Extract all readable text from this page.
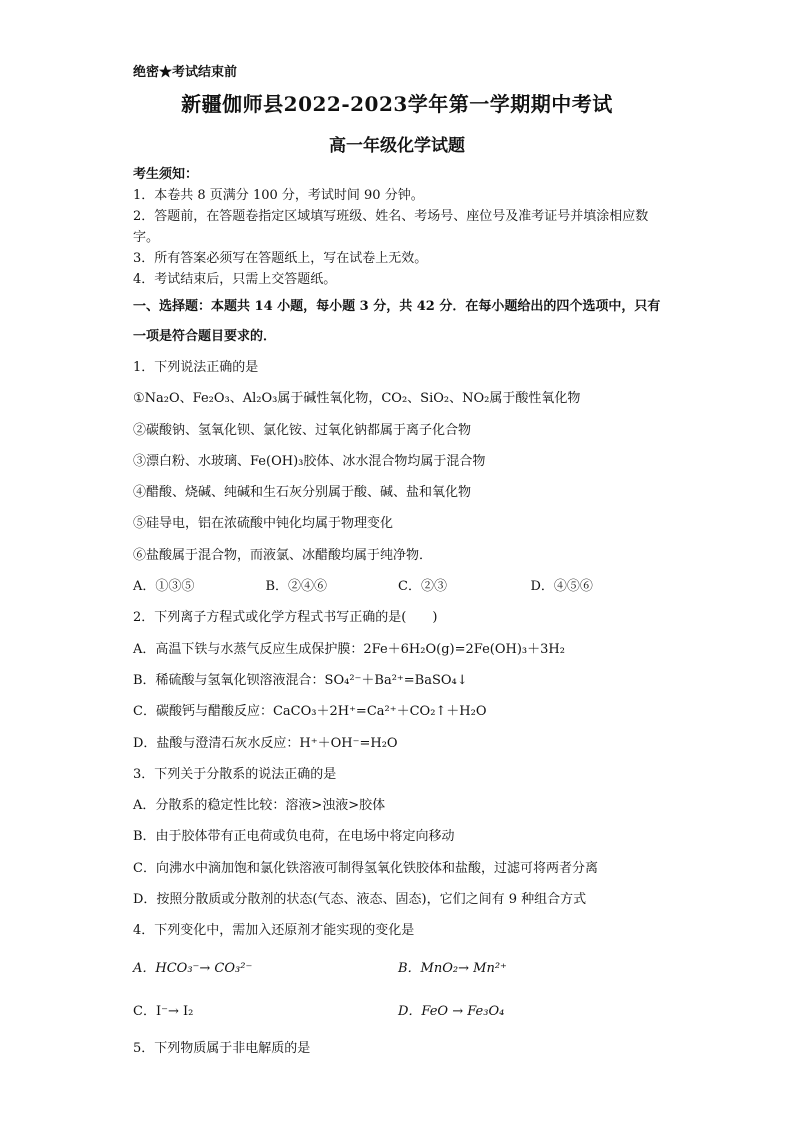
绝密★考试结束前
新疆伽师县2022-2023学年第一学期期中考试
高一年级化学试题
考生须知：
1．本卷共 8 页满分 100 分，考试时间 90 分钟。
2．答题前，在答题卷指定区域填写班级、姓名、考场号、座位号及准考证号并填涂相应数字。
3．所有答案必须写在答题纸上，写在试卷上无效。
4．考试结束后，只需上交答题纸。
一、选择题：本题共 14 小题，每小题 3 分，共 42 分．在每小题给出的四个选项中，只有一项是符合题目要求的．
1．下列说法正确的是
①Na₂O、Fe₂O₃、Al₂O₃属于碱性氧化物，CO₂、SiO₂、NO₂属于酸性氧化物
②碳酸钠、氢氧化钡、氯化铵、过氧化钠都属于离子化合物
③漂白粉、水玻璃、Fe(OH)₃胶体、冰水混合物均属于混合物
④醋酸、烧碱、纯碱和生石灰分别属于酸、碱、盐和氧化物
⑤硅导电，铝在浓硫酸中钝化均属于物理变化
⑥盐酸属于混合物，而液氯、冰醋酸均属于纯净物．
A．①③⑤	B．②④⑥	C．②③	D．④⑤⑥
2．下列离子方程式或化学方程式书写正确的是(　　)
A．高温下铁与水蒸气反应生成保护膜：2Fe＋6H₂O(g)=2Fe(OH)₃＋3H₂
B．稀硫酸与氢氧化钡溶液混合：SO₄²⁻＋Ba²⁺=BaSO₄↓
C．碳酸钙与醋酸反应：CaCO₃＋2H⁺=Ca²⁺＋CO₂↑＋H₂O
D．盐酸与澄清石灰水反应：H⁺＋OH⁻=H₂O
3．下列关于分散系的说法正确的是
A．分散系的稳定性比较：溶液>浊液>胶体
B．由于胶体带有正电荷或负电荷，在电场中将定向移动
C．向沸水中滴加饱和氯化铁溶液可制得氢氧化铁胶体和盐酸，过滤可将两者分离
D．按照分散质或分散剂的状态(气态、液态、固态)，它们之间有 9 种组合方式
4．下列变化中，需加入还原剂才能实现的变化是
A．HCO₃⁻→ CO₃²⁻	B．MnO₂→ Mn²⁺
C．I⁻→ I₂	D．FeO → Fe₃O₄
5．下列物质属于非电解质的是
